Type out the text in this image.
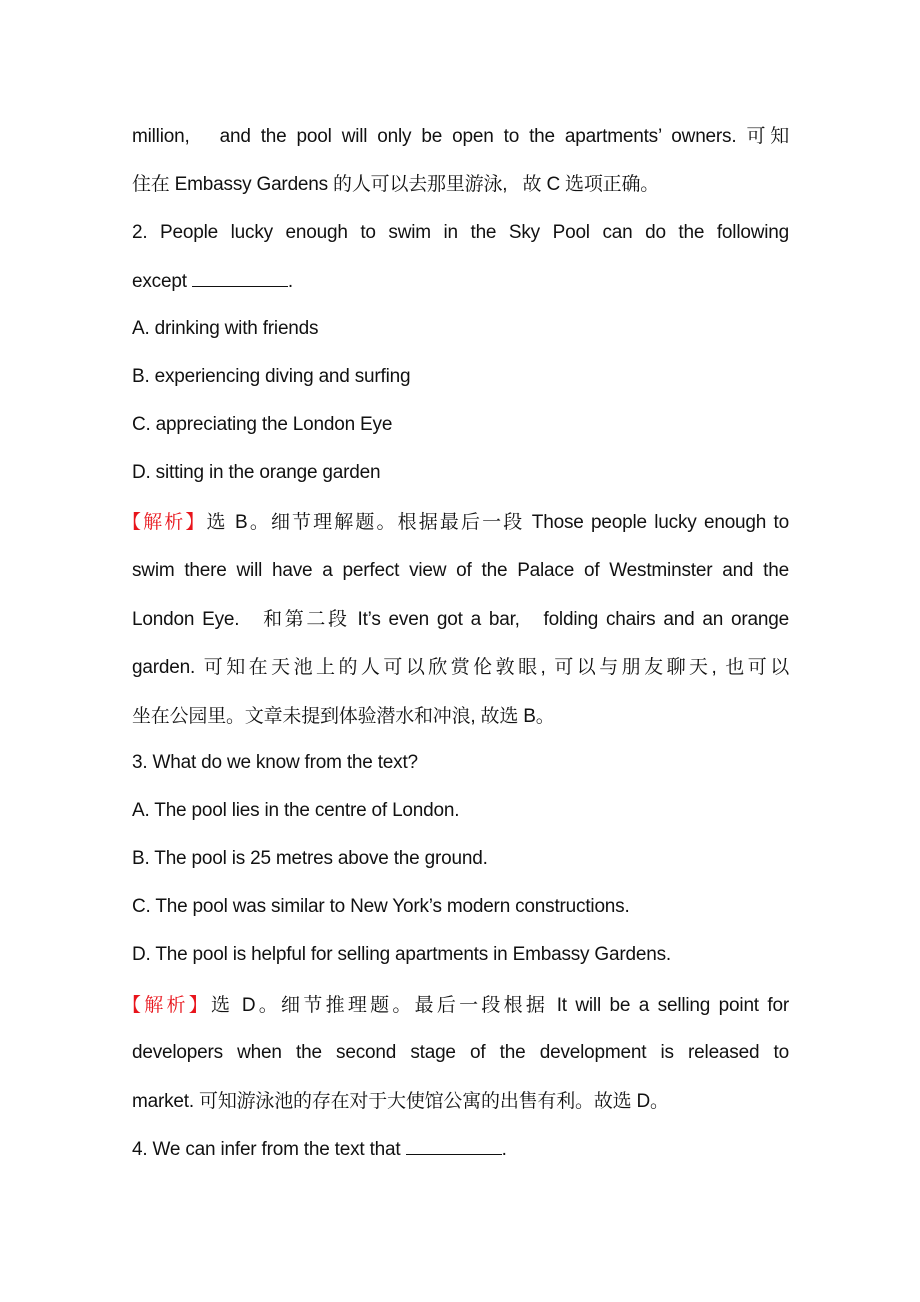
million,   and the pool will only be open to the apartments’ owners. 可知
住在 Embassy Gardens 的人可以去那里游泳,   故 C 选项正确。
2. People lucky enough to swim in the Sky Pool can do the following
except	.
A. drinking with friends
B. experiencing diving and surfing
C. appreciating the London Eye
D. sitting in the orange garden
【解析】选 B。细节理解题。根据最后一段 Those people lucky enough to
swim there will have a perfect view of the Palace of Westminster and the
London Eye.   和第二段 It’s even got a bar,   folding chairs and an orange
garden. 可知在天池上的人可以欣赏伦敦眼, 可以与朋友聊天, 也可以
坐在公园里。文章未提到体验潜水和冲浪, 故选 B。
3. What do we know from the text?
A. The pool lies in the centre of London.
B. The pool is 25 metres above the ground.
C. The pool was similar to New York’s modern constructions.
D. The pool is helpful for selling apartments in Embassy Gardens.
【解析】选 D。细节推理题。最后一段根据 It will be a selling point for
developers when the second stage of the development is released to
market. 可知游泳池的存在对于大使馆公寓的出售有利。故选 D。
4. We can infer from the text that	.
